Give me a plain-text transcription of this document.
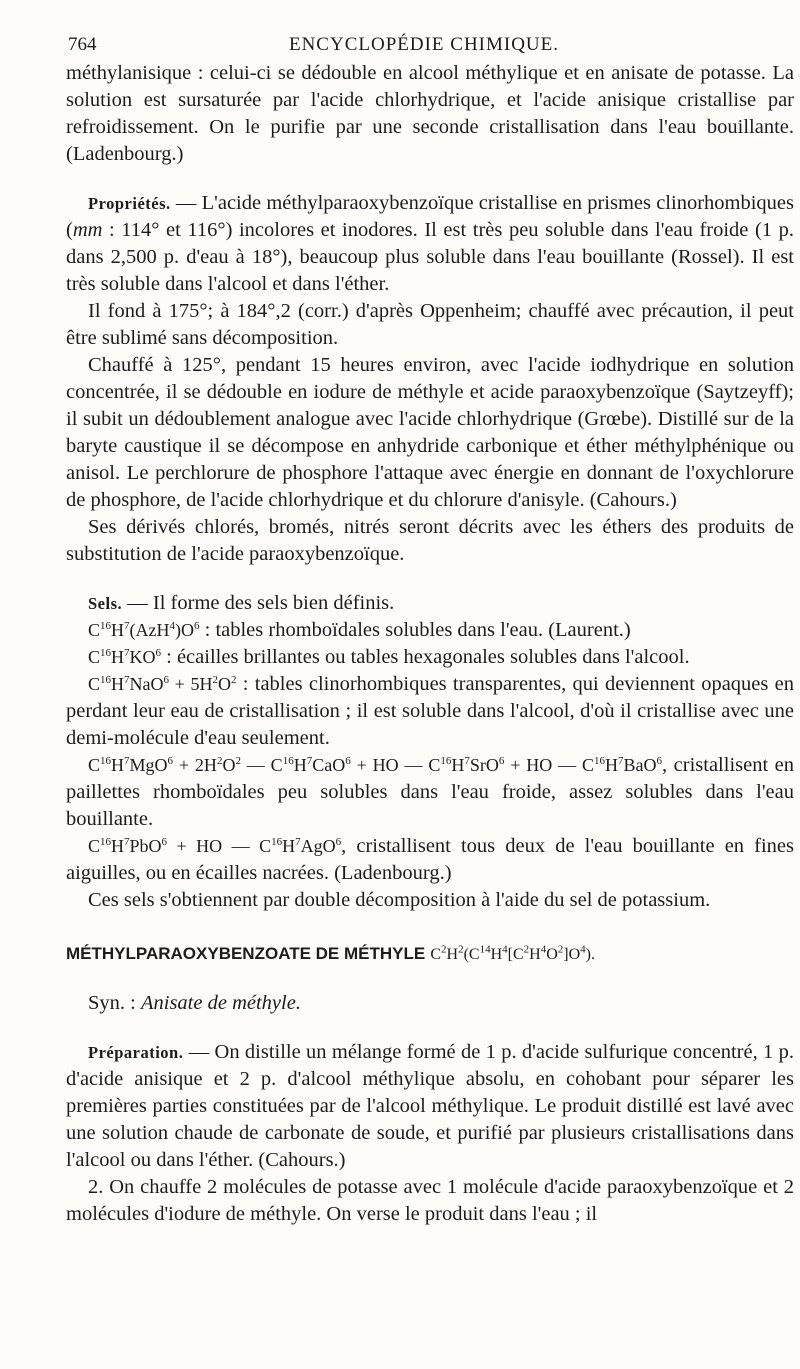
764	ENCYCLOPÉDIE CHIMIQUE.

méthylanisique : celui-ci se dédouble en alcool méthylique et en anisate de potasse. La solution est sursaturée par l'acide chlorhydrique, et l'acide anisique cristallise par refroidissement. On le purifie par une seconde cristallisation dans l'eau bouillante. (Ladenbourg.)

Propriétés. — L'acide méthylparaoxybenzoïque cristallise en prismes clinorhombiques (mm : 114° et 116°) incolores et inodores. Il est très peu soluble dans l'eau froide (1 p. dans 2,500 p. d'eau à 18°), beaucoup plus soluble dans l'eau bouillante (Rossel). Il est très soluble dans l'alcool et dans l'éther.

Il fond à 175°; à 184°,2 (corr.) d'après Oppenheim; chauffé avec précaution, il peut être sublimé sans décomposition.

Chauffé à 125°, pendant 15 heures environ, avec l'acide iodhydrique en solution concentrée, il se dédouble en iodure de méthyle et acide paraoxybenzoïque (Saytzeyff); il subit un dédoublement analogue avec l'acide chlorhydrique (Grœbe). Distillé sur de la baryte caustique il se décompose en anhydride carbonique et éther méthylphénique ou anisol. Le perchlorure de phosphore l'attaque avec énergie en donnant de l'oxychlorure de phosphore, de l'acide chlorhydrique et du chlorure d'anisyle. (Cahours.)

Ses dérivés chlorés, bromés, nitrés seront décrits avec les éthers des produits de substitution de l'acide paraoxybenzoïque.

Sels. — Il forme des sels bien définis.

$C^{16}H^7(AzH^4)O^6$ : tables rhomboïdales solubles dans l'eau. (Laurent.)

$C^{16}H^7KO^6$ : écailles brillantes ou tables hexagonales solubles dans l'alcool.

$C^{16}H^7NaO^6 + 5H^2O^2$ : tables clinorhombiques transparentes, qui deviennent opaques en perdant leur eau de cristallisation ; il est soluble dans l'alcool, d'où il cristallise avec une demi-molécule d'eau seulement.

$C^{16}H^7MgO^6 + 2H^2O^2$ — $C^{16}H^7CaO^6$ + HO — $C^{16}H^7SrO^6$ + HO — $C^{16}H^7BaO^6$, cristallisent en paillettes rhomboïdales peu solubles dans l'eau froide, assez solubles dans l'eau bouillante.

$C^{16}H^7PbO^6$ + HO — $C^{16}H^7AgO^6$, cristallisent tous deux de l'eau bouillante en fines aiguilles, ou en écailles nacrées. (Ladenbourg.)

Ces sels s'obtiennent par double décomposition à l'aide du sel de potassium.

MÉTHYLPARAOXYBENZOATE DE MÉTHYLE $C^2H^2(C^{14}H^4[C^2H^4O^2]O^4)$.

Syn. : Anisate de méthyle.

Préparation. — On distille un mélange formé de 1 p. d'acide sulfurique concentré, 1 p. d'acide anisique et 2 p. d'alcool méthylique absolu, en cohobant pour séparer les premières parties constituées par de l'alcool méthylique. Le produit distillé est lavé avec une solution chaude de carbonate de soude, et purifié par plusieurs cristallisations dans l'alcool ou dans l'éther. (Cahours.)

2. On chauffe 2 molécules de potasse avec 1 molécule d'acide paraoxybenzoïque et 2 molécules d'iodure de méthyle. On verse le produit dans l'eau ; il
